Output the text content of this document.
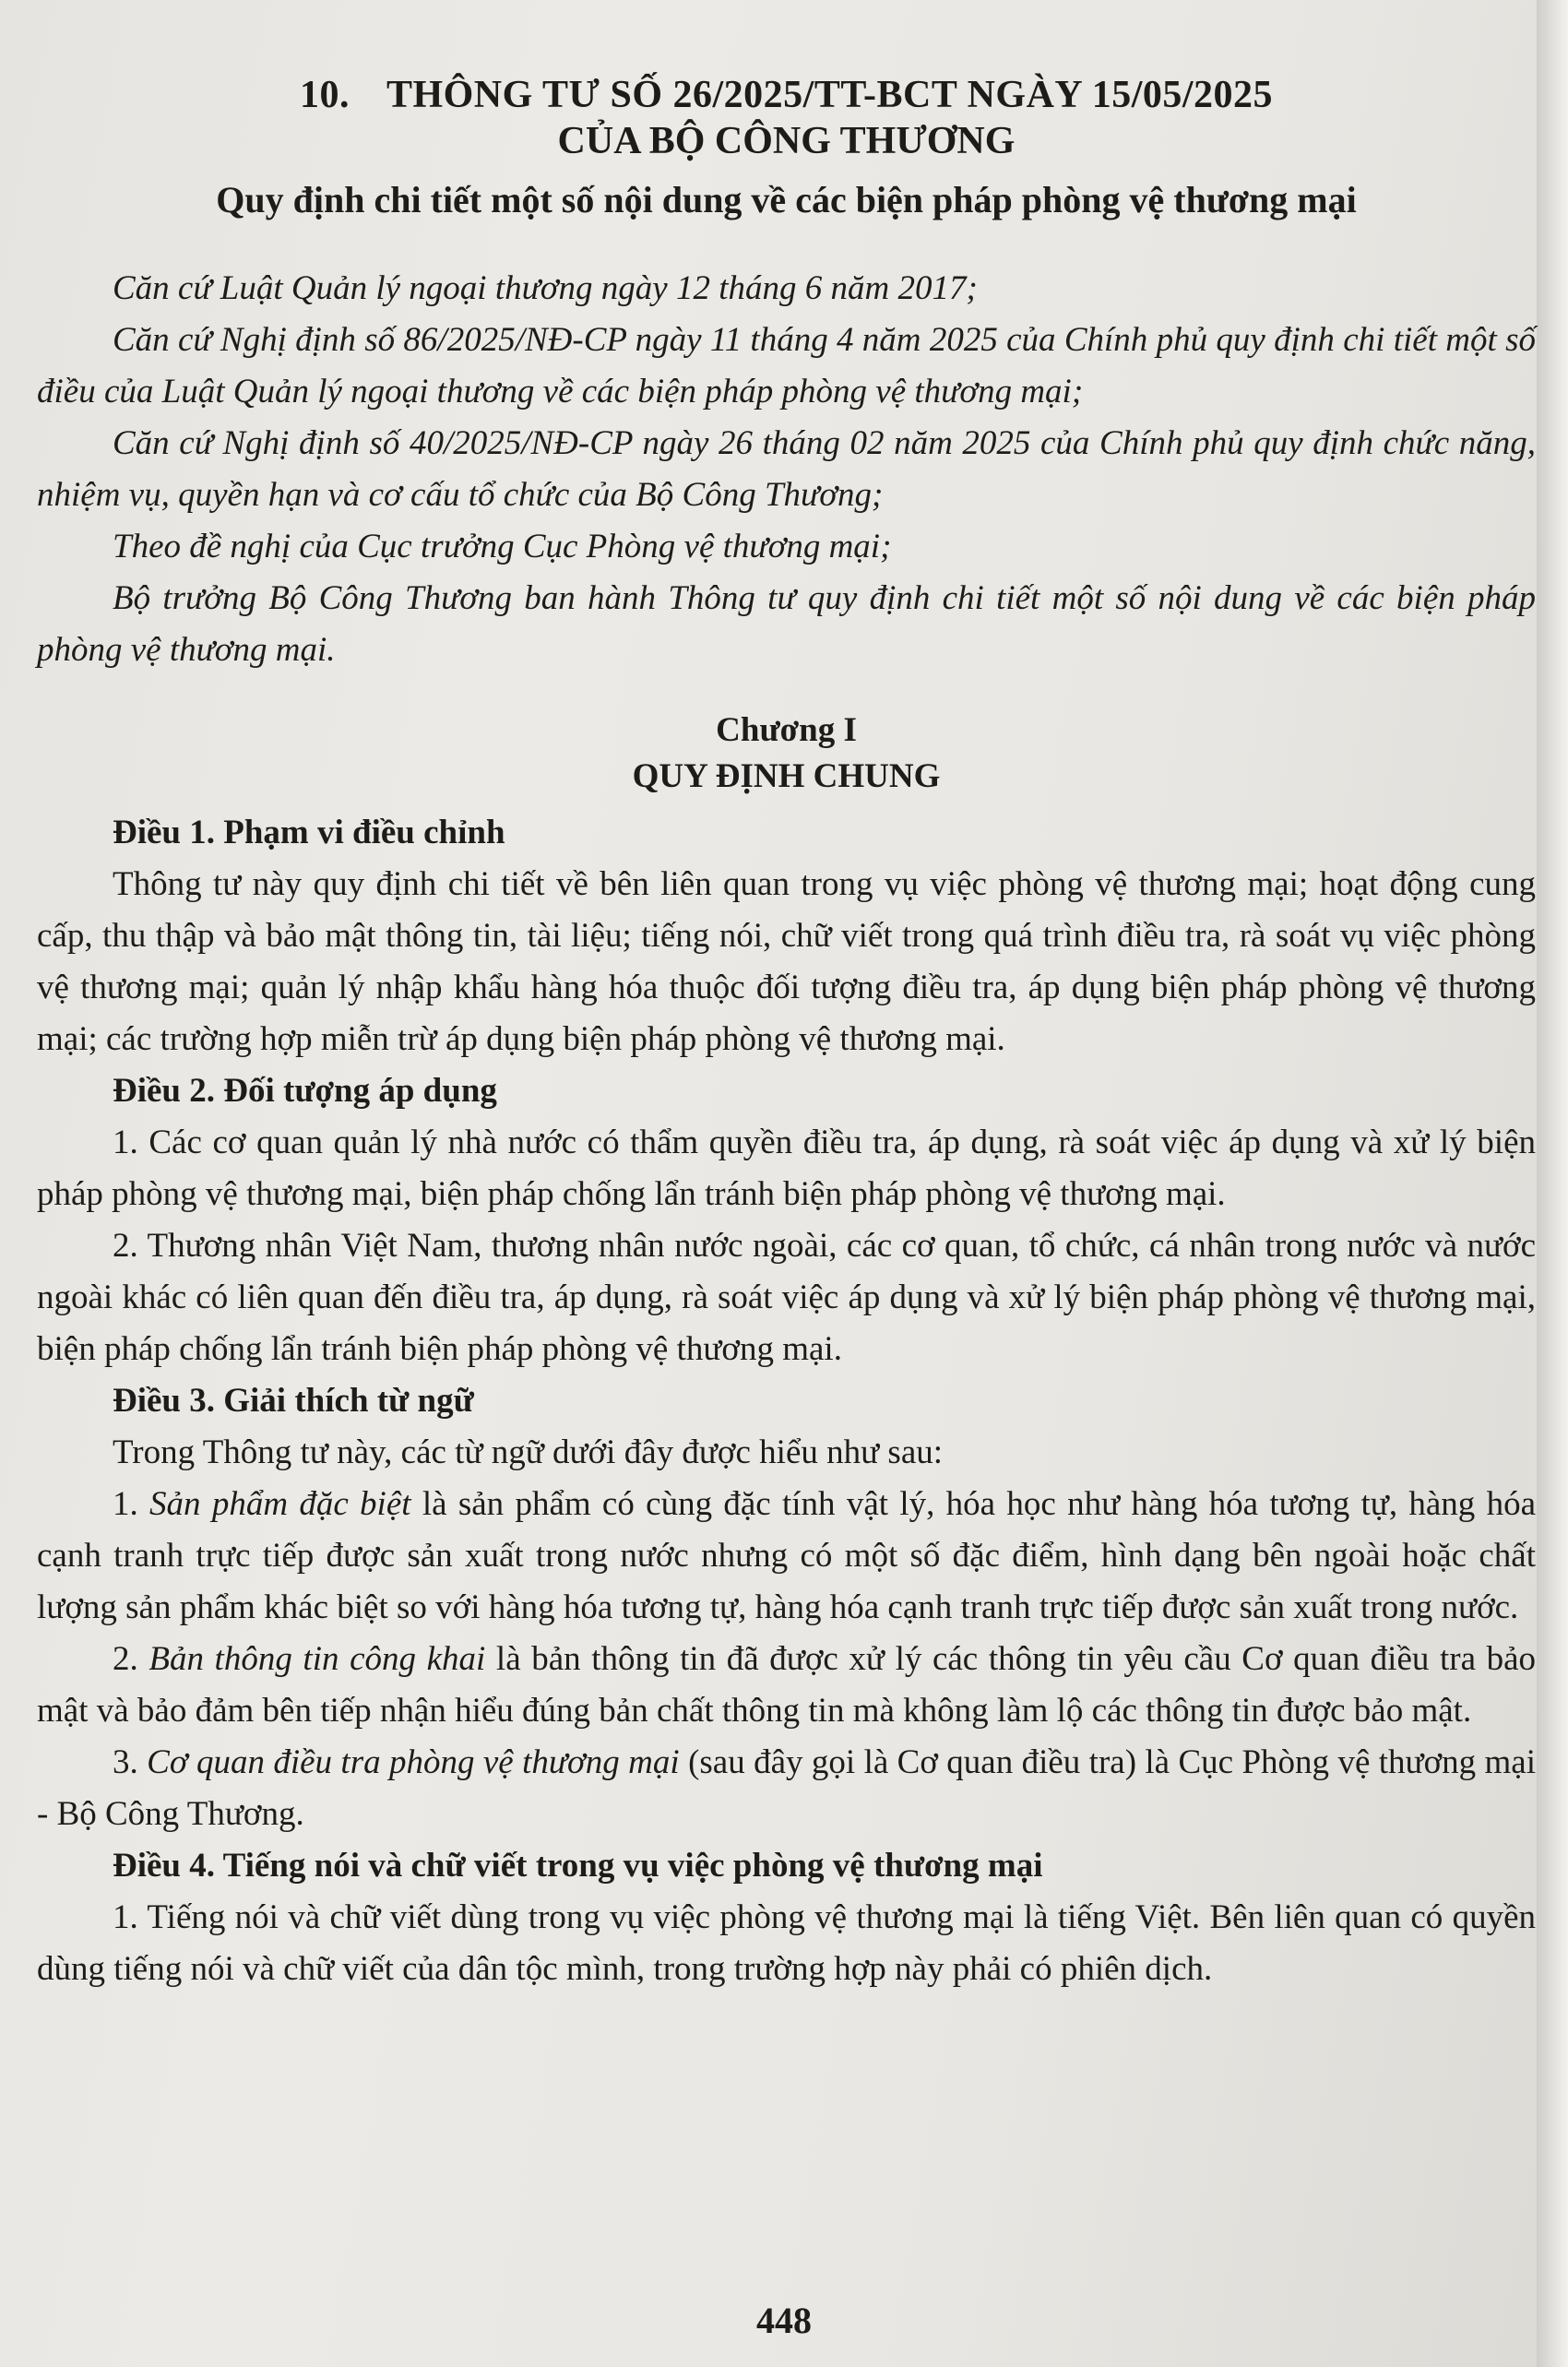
10. THÔNG TƯ SỐ 26/2025/TT-BCT NGÀY 15/05/2025
CỦA BỘ CÔNG THƯƠNG
Quy định chi tiết một số nội dung về các biện pháp phòng vệ thương mại

Căn cứ Luật Quản lý ngoại thương ngày 12 tháng 6 năm 2017;

Căn cứ Nghị định số 86/2025/NĐ-CP ngày 11 tháng 4 năm 2025 của Chính phủ quy định chi tiết một số điều của Luật Quản lý ngoại thương về các biện pháp phòng vệ thương mại;

Căn cứ Nghị định số 40/2025/NĐ-CP ngày 26 tháng 02 năm 2025 của Chính phủ quy định chức năng, nhiệm vụ, quyền hạn và cơ cấu tổ chức của Bộ Công Thương;

Theo đề nghị của Cục trưởng Cục Phòng vệ thương mại;

Bộ trưởng Bộ Công Thương ban hành Thông tư quy định chi tiết một số nội dung về các biện pháp phòng vệ thương mại.

Chương I
QUY ĐỊNH CHUNG

Điều 1. Phạm vi điều chỉnh

Thông tư này quy định chi tiết về bên liên quan trong vụ việc phòng vệ thương mại; hoạt động cung cấp, thu thập và bảo mật thông tin, tài liệu; tiếng nói, chữ viết trong quá trình điều tra, rà soát vụ việc phòng vệ thương mại; quản lý nhập khẩu hàng hóa thuộc đối tượng điều tra, áp dụng biện pháp phòng vệ thương mại; các trường hợp miễn trừ áp dụng biện pháp phòng vệ thương mại.

Điều 2. Đối tượng áp dụng

1. Các cơ quan quản lý nhà nước có thẩm quyền điều tra, áp dụng, rà soát việc áp dụng và xử lý biện pháp phòng vệ thương mại, biện pháp chống lẩn tránh biện pháp phòng vệ thương mại.

2. Thương nhân Việt Nam, thương nhân nước ngoài, các cơ quan, tổ chức, cá nhân trong nước và nước ngoài khác có liên quan đến điều tra, áp dụng, rà soát việc áp dụng và xử lý biện pháp phòng vệ thương mại, biện pháp chống lẩn tránh biện pháp phòng vệ thương mại.

Điều 3. Giải thích từ ngữ

Trong Thông tư này, các từ ngữ dưới đây được hiểu như sau:

1. Sản phẩm đặc biệt là sản phẩm có cùng đặc tính vật lý, hóa học như hàng hóa tương tự, hàng hóa cạnh tranh trực tiếp được sản xuất trong nước nhưng có một số đặc điểm, hình dạng bên ngoài hoặc chất lượng sản phẩm khác biệt so với hàng hóa tương tự, hàng hóa cạnh tranh trực tiếp được sản xuất trong nước.

2. Bản thông tin công khai là bản thông tin đã được xử lý các thông tin yêu cầu Cơ quan điều tra bảo mật và bảo đảm bên tiếp nhận hiểu đúng bản chất thông tin mà không làm lộ các thông tin được bảo mật.

3. Cơ quan điều tra phòng vệ thương mại (sau đây gọi là Cơ quan điều tra) là Cục Phòng vệ thương mại - Bộ Công Thương.

Điều 4. Tiếng nói và chữ viết trong vụ việc phòng vệ thương mại

1. Tiếng nói và chữ viết dùng trong vụ việc phòng vệ thương mại là tiếng Việt. Bên liên quan có quyền dùng tiếng nói và chữ viết của dân tộc mình, trong trường hợp này phải có phiên dịch.

448
